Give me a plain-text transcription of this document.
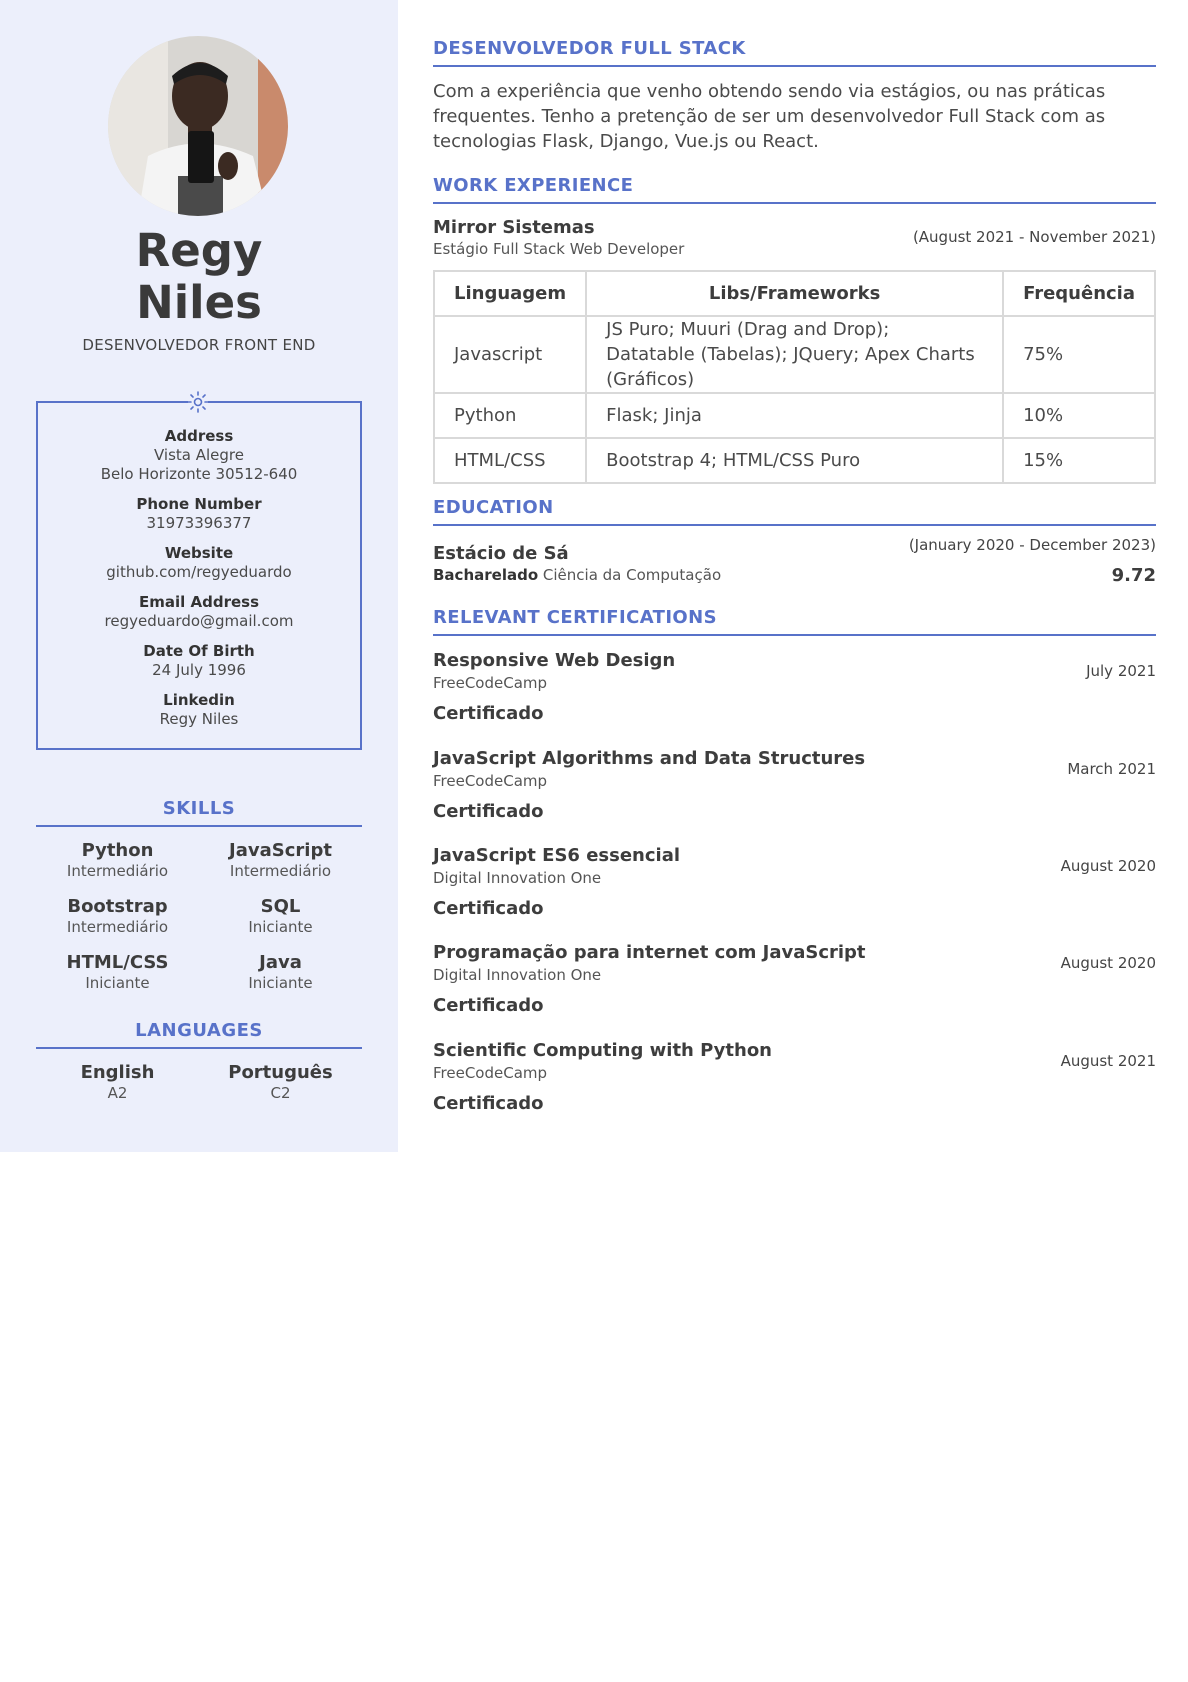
Regy
Niles
DESENVOLVEDOR FRONT END
Address
Vista Alegre
Belo Horizonte 30512-640
Phone Number
31973396377
Website
github.com/regyeduardo
Email Address
regyeduardo@gmail.com
Date Of Birth
24 July 1996
Linkedin
Regy Niles
SKILLS
Python
Intermediário
JavaScript
Intermediário
Bootstrap
Intermediário
SQL
Iniciante
HTML/CSS
Iniciante
Java
Iniciante
LANGUAGES
English
A2
Português
C2
DESENVOLVEDOR FULL STACK
Com a experiência que venho obtendo sendo via estágios, ou nas práticas frequentes. Tenho a pretenção de ser um desenvolvedor Full Stack com as tecnologias Flask, Django, Vue.js ou React.
WORK EXPERIENCE
Mirror Sistemas
Estágio Full Stack Web Developer
(August 2021 - November 2021)
Linguagem	Libs/Frameworks	Frequência
Javascript	JS Puro; Muuri (Drag and Drop); Datatable (Tabelas); JQuery; Apex Charts (Gráficos)	75%
Python	Flask; Jinja	10%
HTML/CSS	Bootstrap 4; HTML/CSS Puro	15%
EDUCATION
Estácio de Sá
Bacharelado Ciência da Computação
(January 2020 - December 2023)
9.72
RELEVANT CERTIFICATIONS
Responsive Web Design
FreeCodeCamp
July 2021
Certificado
JavaScript Algorithms and Data Structures
FreeCodeCamp
March 2021
Certificado
JavaScript ES6 essencial
Digital Innovation One
August 2020
Certificado
Programação para internet com JavaScript
Digital Innovation One
August 2020
Certificado
Scientific Computing with Python
FreeCodeCamp
August 2021
Certificado
